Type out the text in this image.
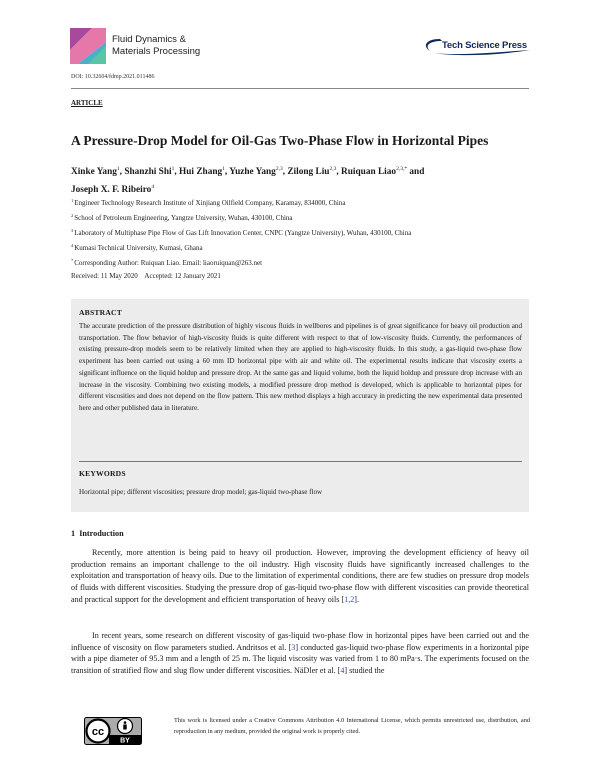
Fluid Dynamics &
Materials Processing
Tech Science Press
DOI: 10.32604/fdmp.2021.011486
ARTICLE
A Pressure-Drop Model for Oil-Gas Two-Phase Flow in Horizontal Pipes
Xinke Yang$^1$, Shanzhi Shi$^1$, Hui Zhang$^1$, Yuzhe Yang$^{2,3}$, Zilong Liu$^{2,3}$, Ruiquan Liao$^{2,3,*}$ and
Joseph X. F. Ribeiro$^4$
$^1$Engineer Technology Research Institute of Xinjiang Oilfield Company, Karamay, 834000, China
$^2$School of Petroleum Engineering, Yangtze University, Wuhan, 430100, China
$^3$Laboratory of Multiphase Pipe Flow of Gas Lift Innovation Center, CNPC (Yangtze University), Wuhan, 430100, China
$^4$Kumasi Technical University, Kumasi, Ghana
*Corresponding Author: Ruiquan Liao. Email: liaoruiquan@263.net
Received: 11 May 2020    Accepted: 12 January 2021
ABSTRACT
The accurate prediction of the pressure distribution of highly viscous fluids in wellbores and pipelines is of great significance for heavy oil production and transportation. The flow behavior of high-viscosity fluids is quite different with respect to that of low-viscosity fluids. Currently, the performances of existing pressure-drop models seem to be relatively limited when they are applied to high-viscosity fluids. In this study, a gas-liquid two-phase flow experiment has been carried out using a 60 mm ID horizontal pipe with air and white oil. The experimental results indicate that viscosity exerts a significant influence on the liquid holdup and pressure drop. At the same gas and liquid volume, both the liquid holdup and pressure drop increase with an increase in the viscosity. Combining two existing models, a modified pressure drop method is developed, which is applicable to horizontal pipes for different viscosities and does not depend on the flow pattern. This new method displays a high accuracy in predicting the new experimental data presented here and other published data in literature.
KEYWORDS
Horizontal pipe; different viscosities; pressure drop model; gas-liquid two-phase flow
1  Introduction
Recently, more attention is being paid to heavy oil production. However, improving the development efficiency of heavy oil production remains an important challenge to the oil industry. High viscosity fluids have significantly increased challenges to the exploitation and transportation of heavy oils. Due to the limitation of experimental conditions, there are few studies on pressure drop models of fluids with different viscosities. Studying the pressure drop of gas-liquid two-phase flow with different viscosities can provide theoretical and practical support for the development and efficient transportation of heavy oils [1,2].
In recent years, some research on different viscosity of gas-liquid two-phase flow in horizontal pipes have been carried out and the influence of viscosity on flow parameters studied. Andritsos et al. [3] conducted gas-liquid two-phase flow experiments in a horizontal pipe with a pipe diameter of 95.3 mm and a length of 25 m. The liquid viscosity was varied from 1 to 80 mPa·s. The experiments focused on the transition of stratified flow and slug flow under different viscosities. NäDler et al. [4] studied the
cc
BY
This work is licensed under a Creative Commons Attribution 4.0 International License, which permits unrestricted use, distribution, and reproduction in any medium, provided the original work is properly cited.
